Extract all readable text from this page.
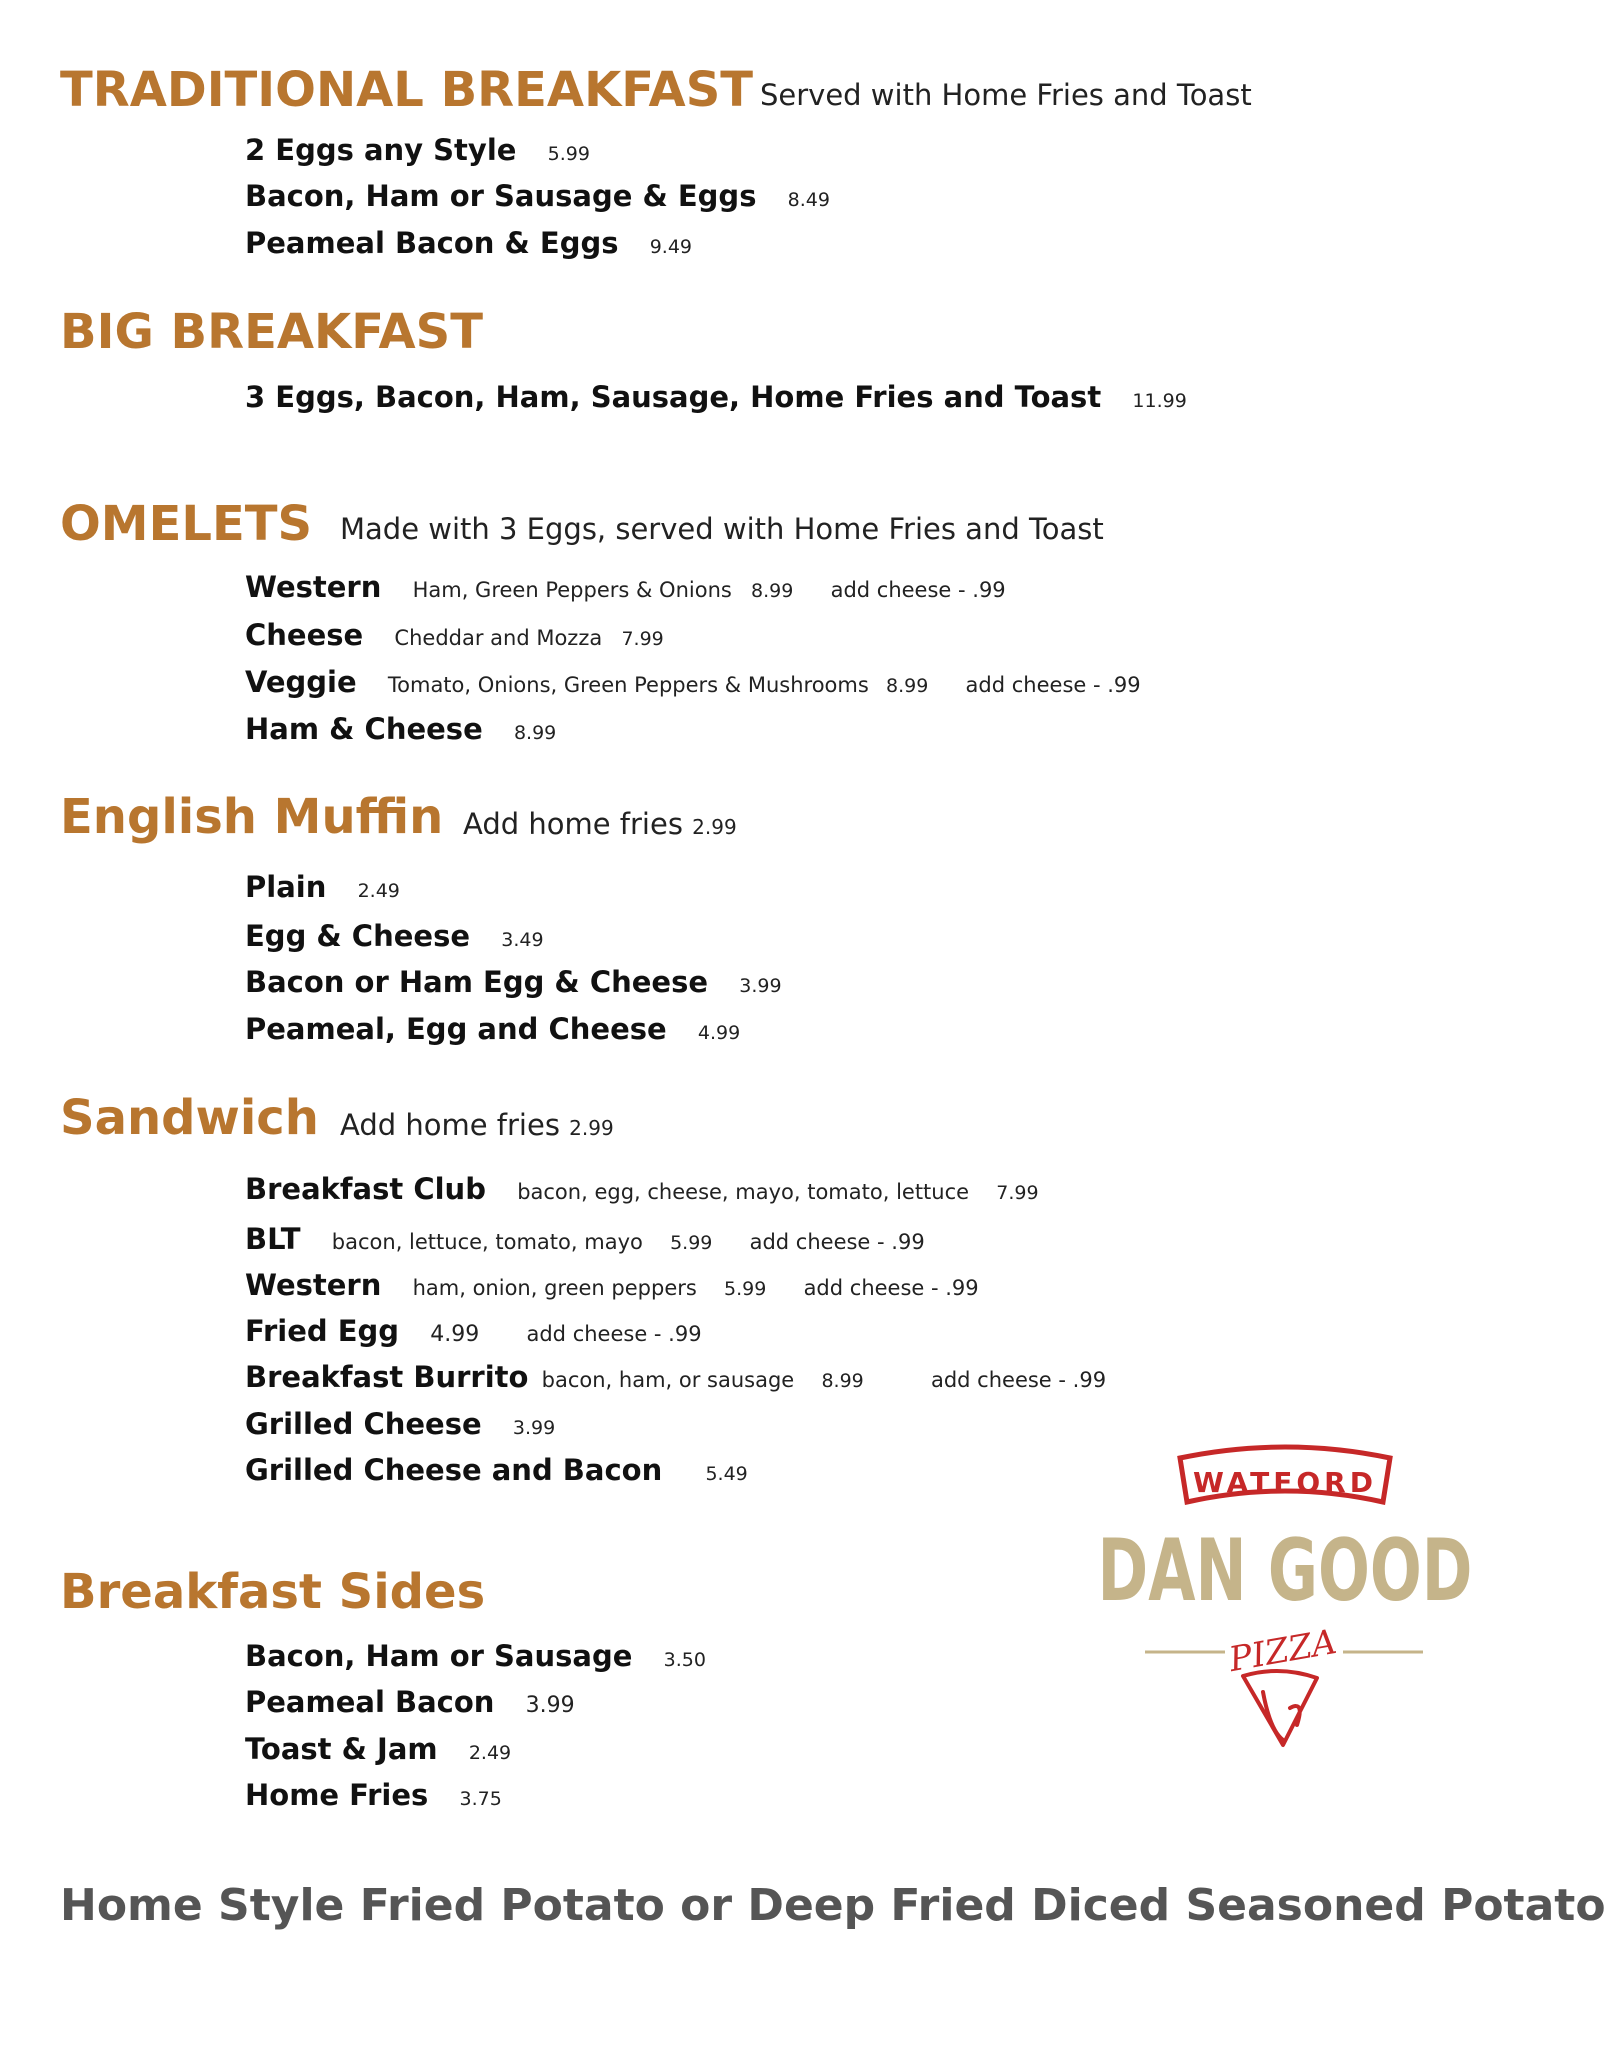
TRADITIONAL BREAKFAST Served with Home Fries and Toast
2 Eggs any Style 5.99
Bacon, Ham or Sausage & Eggs 8.49
Peameal Bacon & Eggs 9.49
BIG BREAKFAST
3 Eggs, Bacon, Ham, Sausage, Home Fries and Toast 11.99
OMELETS Made with 3 Eggs, served with Home Fries and Toast
Western Ham, Green Peppers & Onions 8.99 add cheese - .99
Cheese Cheddar and Mozza 7.99
Veggie Tomato, Onions, Green Peppers & Mushrooms 8.99 add cheese - .99
Ham & Cheese 8.99
English Muffin Add home fries 2.99
Plain 2.49
Egg & Cheese 3.49
Bacon or Ham Egg & Cheese 3.99
Peameal, Egg and Cheese 4.99
Sandwich Add home fries 2.99
Breakfast Club bacon, egg, cheese, mayo, tomato, lettuce 7.99
BLT bacon, lettuce, tomato, mayo 5.99 add cheese - .99
Western ham, onion, green peppers 5.99 add cheese - .99
Fried Egg 4.99 add cheese - .99
Breakfast Burrito bacon, ham, or sausage 8.99	add cheese - .99
Grilled Cheese 3.99
Grilled Cheese and Bacon 5.49
Breakfast Sides
Bacon, Ham or Sausage 3.50
Peameal Bacon 3.99
Toast & Jam 2.49
Home Fries 3.75
Home Style Fried Potato or Deep Fried Diced Seasoned Potato
WATFORD
DAN GOOD
PIZZA
